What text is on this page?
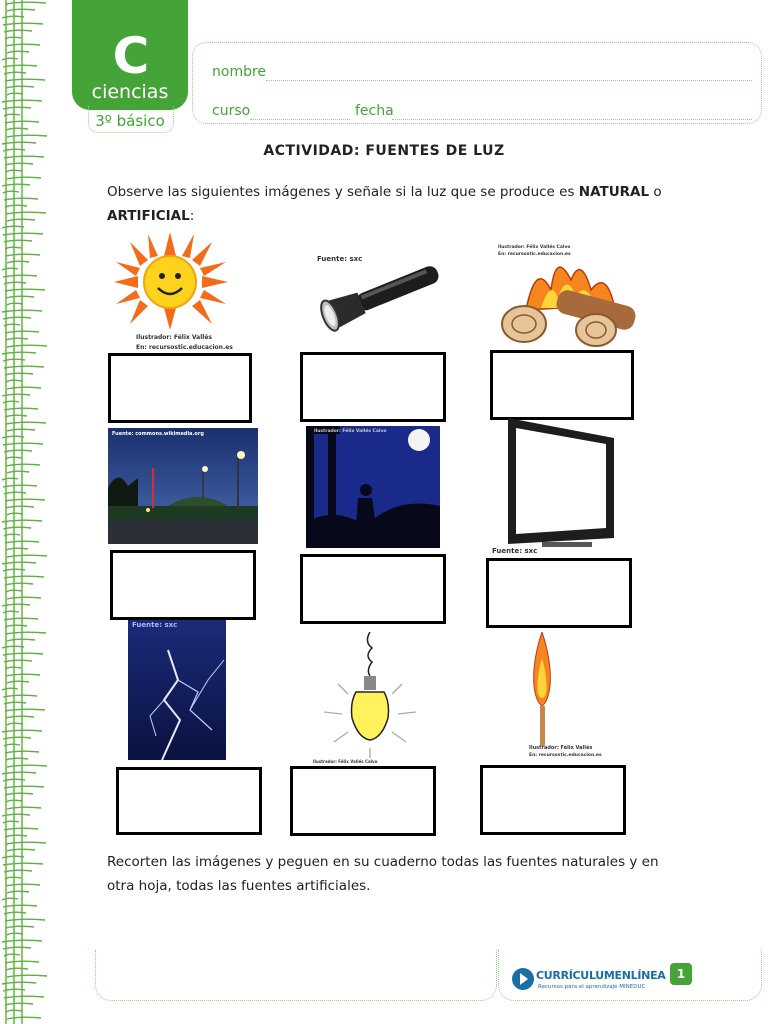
C
ciencias
3º básico
nombre
curso	fecha
ACTIVIDAD: FUENTES DE LUZ
Observe las siguientes imágenes y señale si la luz que se produce es NATURAL o
ARTIFICIAL:
Ilustrador: Félix Vallés
En: recursostic.educacion.es
Fuente: sxc
Ilustrador: Félix Vallés Calvo
En: recursostic.educacion.es
Fuente: commons.wikimedia.org	Ilustrador: Félix Vallés Calvo
Fuente: sxc
Fuente: sxc
Ilustrador: Félix Vallés Calvo
Ilustrador: Félix Vallés
En: recursostic.educacion.es
Recorten las imágenes y peguen en su cuaderno todas las fuentes naturales y en otra hoja, todas las fuentes artificiales.
CURRÍCULUMENLÍNEA
Recursos para el aprendizaje MINEDUC
1
